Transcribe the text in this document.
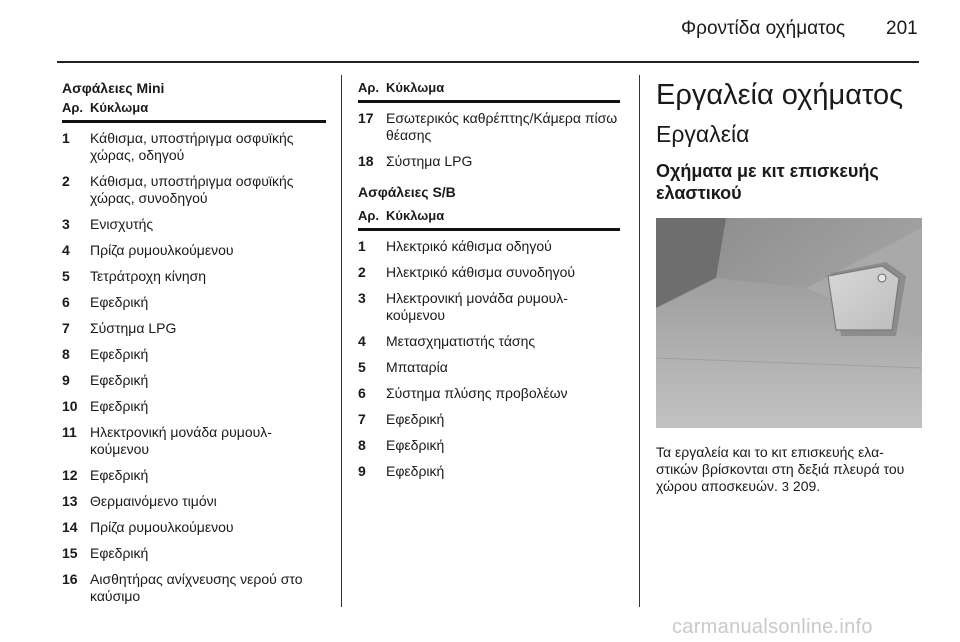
Φροντίδα οχήματος 201
Ασφάλειες Mini
Αρ. Κύκλωμα
1	Κάθισμα, υποστήριγμα οσφυϊκής χώρας, οδηγού
2	Κάθισμα, υποστήριγμα οσφυϊκής χώρας, συνοδηγού
3	Ενισχυτής
4	Πρίζα ρυμουλκούμενου
5	Τετράτροχη κίνηση
6	Εφεδρική
7	Σύστημα LPG
8	Εφεδρική
9	Εφεδρική
10 Εφεδρική
11 Ηλεκτρονική μονάδα ρυμουλ-κούμενου
12 Εφεδρική
13 Θερμαινόμενο τιμόνι
14 Πρίζα ρυμουλκούμενου
15 Εφεδρική
16 Αισθητήρας ανίχνευσης νερού στο καύσιμο
Αρ. Κύκλωμα
17 Εσωτερικός καθρέπτης/Κάμερα πίσω θέασης
18 Σύστημα LPG
Ασφάλειες S/B
Αρ. Κύκλωμα
1	Ηλεκτρικό κάθισμα οδηγού
2	Ηλεκτρικό κάθισμα συνοδηγού
3	Ηλεκτρονική μονάδα ρυμουλ-κούμενου
4	Μετασχηματιστής τάσης
5	Μπαταρία
6	Σύστημα πλύσης προβολέων
7	Εφεδρική
8	Εφεδρική
9	Εφεδρική
Εργαλεία οχήματος
Εργαλεία
Οχήματα με κιτ επισκευής ελαστικού
Τα εργαλεία και το κιτ επισκευής ελα-στικών βρίσκονται στη δεξιά πλευρά του χώρου αποσκευών. 3 209.
carmanualsonline.info
